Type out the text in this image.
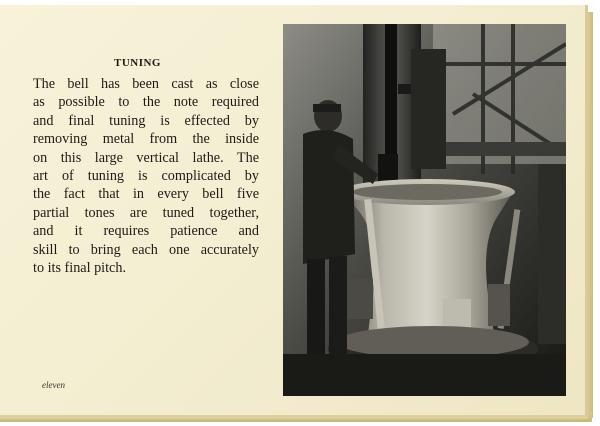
TUNING
The bell has been cast as close
as possible to the note required
and final tuning is effected by
removing metal from the inside
on this large vertical lathe. The
art of tuning is complicated by
the fact that in every bell five
partial tones are tuned together,
and it requires patience and
skill to bring each one accurately
to its final pitch.
eleven
